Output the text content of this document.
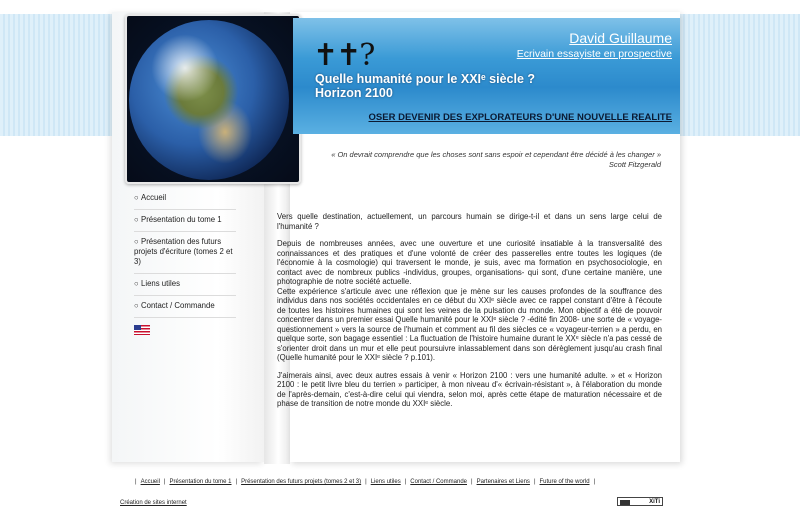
✝✝?	David Guillaume
Ecrivain essayiste en prospective
Quelle humanité pour le XXIᵉ siècle ?
Horizon 2100
OSER DEVENIR DES EXPLORATEURS D'UNE NOUVELLE REALITE
« On devrait comprendre que les choses sont sans espoir et cependant être décidé à les changer »
Scott Fitzgerald
○ Accueil
○ Présentation du tome 1
○ Présentation des futurs projets d'écriture (tomes 2 et 3)
○ Liens utiles
○ Contact / Commande

Vers quelle destination, actuellement, un parcours humain se dirige-t-il et dans un sens large celui de l'humanité ?

Depuis de nombreuses années, avec une ouverture et une curiosité insatiable à la transversalité des connaissances et des pratiques et d'une volonté de créer des passerelles entre toutes les logiques (de l'économie à la cosmologie) qui traversent le monde, je suis, avec ma formation en psychosociologie, en contact avec de nombreux publics -individus, groupes, organisations- qui sont, d'une certaine manière, une photographie de notre société actuelle.
Cette expérience s'articule avec une réflexion que je mène sur les causes profondes de la souffrance des individus dans nos sociétés occidentales en ce début du XXIᵉ siècle avec ce rappel constant d'être à l'écoute de toutes les histoires humaines qui sont les veines de la pulsation du monde. Mon objectif a été de pouvoir concentrer dans un premier essai Quelle humanité pour le XXIᵉ siècle ? -édité fin 2008- une sorte de « voyage-questionnement » vers la source de l'humain et comment au fil des siècles ce « voyageur-terrien » a perdu, en quelque sorte, son bagage essentiel : La fluctuation de l'histoire humaine durant le XXᵉ siècle n'a pas cessé de s'orienter droit dans un mur et elle peut poursuivre inlassablement dans son dérèglement jusqu'au crash final (Quelle humanité pour le XXIᵉ siècle ? p.101).

J'aimerais ainsi, avec deux autres essais à venir « Horizon 2100 : vers une humanité adulte. » et « Horizon 2100 : le petit livre bleu du terrien » participer, à mon niveau d'« écrivain-résistant », à l'élaboration du monde de l'après-demain, c'est-à-dire celui qui viendra, selon moi, après cette étape de maturation nécessaire et de phase de transition de notre monde du XXIᵉ siècle.

| Accueil | Présentation du tome 1 | Présentation des futurs projets (tomes 2 et 3) | Liens utiles | Contact / Commande | Partenaires et Liens | Future of the world |
Création de sites internet	XiTi
